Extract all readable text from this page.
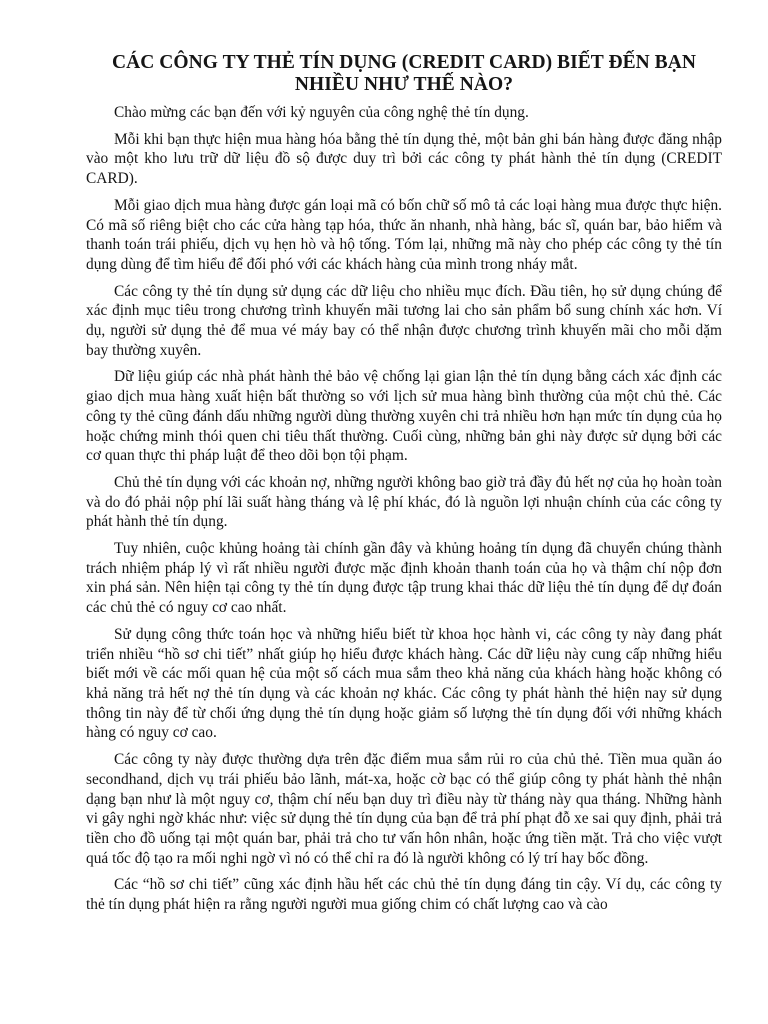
CÁC CÔNG TY THẺ TÍN DỤNG (CREDIT CARD) BIẾT ĐẾN BẠN NHIỀU NHƯ THẾ NÀO?

Chào mừng các bạn đến với kỷ nguyên của công nghệ thẻ tín dụng.

Mỗi khi bạn thực hiện mua hàng hóa bằng thẻ tín dụng thẻ, một bản ghi bán hàng được đăng nhập vào một kho lưu trữ dữ liệu đồ sộ được duy trì bởi các công ty phát hành thẻ tín dụng (CREDIT CARD).

Mỗi giao dịch mua hàng được gán loại mã có bốn chữ số mô tả các loại hàng mua được thực hiện. Có mã số riêng biệt cho các cửa hàng tạp hóa, thức ăn nhanh, nhà hàng, bác sĩ, quán bar, bảo hiểm và thanh toán trái phiếu, dịch vụ hẹn hò và hộ tống. Tóm lại, những mã này cho phép các công ty thẻ tín dụng dùng để tìm hiểu để đối phó với các khách hàng của mình trong nháy mắt.

Các công ty thẻ tín dụng sử dụng các dữ liệu cho nhiều mục đích. Đầu tiên, họ sử dụng chúng để xác định mục tiêu trong chương trình khuyến mãi tương lai cho sản phẩm bổ sung chính xác hơn. Ví dụ, người sử dụng thẻ để mua vé máy bay có thể nhận được chương trình khuyến mãi cho mỗi dặm bay thường xuyên.

Dữ liệu giúp các nhà phát hành thẻ bảo vệ chống lại gian lận thẻ tín dụng bằng cách xác định các giao dịch mua hàng xuất hiện bất thường so với lịch sử mua hàng bình thường của một chủ thẻ. Các công ty thẻ cũng đánh dấu những người dùng thường xuyên chi trả nhiều hơn hạn mức tín dụng của họ hoặc chứng minh thói quen chi tiêu thất thường. Cuối cùng, những bản ghi này được sử dụng bởi các cơ quan thực thi pháp luật để theo dõi bọn tội phạm.

Chủ thẻ tín dụng với các khoản nợ, những người không bao giờ trả đầy đủ hết nợ của họ hoàn toàn và do đó phải nộp phí lãi suất hàng tháng và lệ phí khác, đó là nguồn lợi nhuận chính của các công ty phát hành thẻ tín dụng.

Tuy nhiên, cuộc khủng hoảng tài chính gần đây và khủng hoảng tín dụng đã chuyển chúng thành trách nhiệm pháp lý vì rất nhiều người được mặc định khoản thanh toán của họ và thậm chí nộp đơn xin phá sản. Nên hiện tại công ty thẻ tín dụng được tập trung khai thác dữ liệu thẻ tín dụng để dự đoán các chủ thẻ có nguy cơ cao nhất.

Sử dụng công thức toán học và những hiểu biết từ khoa học hành vi, các công ty này đang phát triển nhiều “hồ sơ chi tiết” nhất giúp họ hiểu được khách hàng. Các dữ liệu này cung cấp những hiểu biết mới về các mối quan hệ của một số cách mua sắm theo khả năng của khách hàng hoặc không có khả năng trả hết nợ thẻ tín dụng và các khoản nợ khác. Các công ty phát hành thẻ hiện nay sử dụng thông tin này để từ chối ứng dụng thẻ tín dụng hoặc giảm số lượng thẻ tín dụng đối với những khách hàng có nguy cơ cao.

Các công ty này được thường dựa trên đặc điểm mua sắm rủi ro của chủ thẻ. Tiền mua quần áo secondhand, dịch vụ trái phiếu bảo lãnh, mát-xa, hoặc cờ bạc có thể giúp công ty phát hành thẻ nhận dạng bạn như là một nguy cơ, thậm chí nếu bạn duy trì điều này từ tháng này qua tháng. Những hành vi gây nghi ngờ khác như: việc sử dụng thẻ tín dụng của bạn để trả phí phạt đỗ xe sai quy định, phải trả tiền cho đồ uống tại một quán bar, phải trả cho tư vấn hôn nhân, hoặc ứng tiền mặt. Trả cho việc vượt quá tốc độ tạo ra mối nghi ngờ vì nó có thể chỉ ra đó là người không có lý trí hay bốc đồng.

Các “hồ sơ chi tiết” cũng xác định hầu hết các chủ thẻ tín dụng đáng tin cậy. Ví dụ, các công ty thẻ tín dụng phát hiện ra rằng người người mua giống chim có chất lượng cao và cào
